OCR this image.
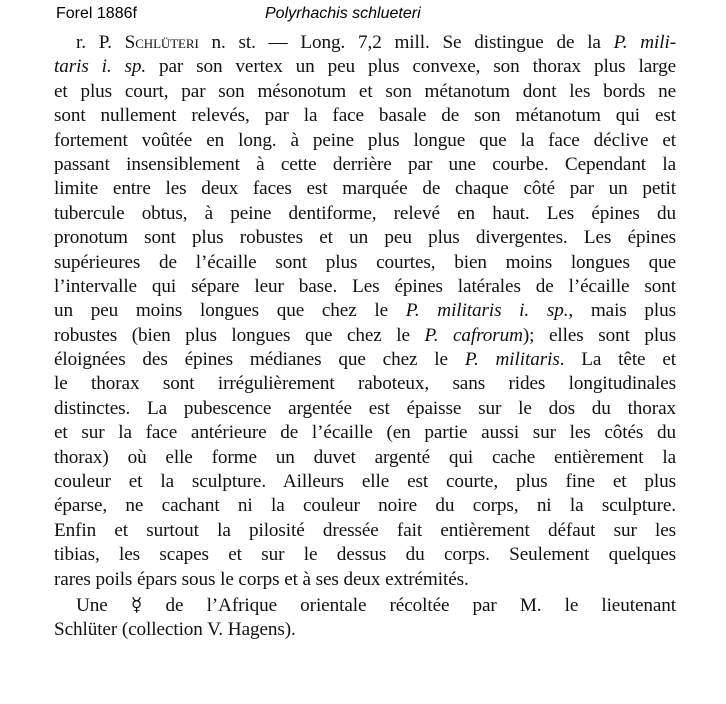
Forel 1886f	Polyrhachis schlueteri
r. P. Schlüteri n. st. — Long. 7,2 mill. Se distingue de la P. mili-
taris i. sp. par son vertex un peu plus convexe, son thorax plus large
et plus court, par son mésonotum et son métanotum dont les bords ne
sont nullement relevés, par la face basale de son métanotum qui est
fortement voûtée en long. à peine plus longue que la face déclive et
passant insensiblement à cette derrière par une courbe. Cependant la
limite entre les deux faces est marquée de chaque côté par un petit
tubercule obtus, à peine dentiforme, relevé en haut. Les épines du
pronotum sont plus robustes et un peu plus divergentes. Les épines
supérieures de l’écaille sont plus courtes, bien moins longues que
l’intervalle qui sépare leur base. Les épines latérales de l’écaille sont
un peu moins longues que chez le P. militaris i. sp., mais plus
robustes (bien plus longues que chez le P. cafrorum); elles sont plus
éloignées des épines médianes que chez le P. militaris. La tête et
le thorax sont irrégulièrement raboteux, sans rides longitudinales
distinctes. La pubescence argentée est épaisse sur le dos du thorax
et sur la face antérieure de l’écaille (en partie aussi sur les côtés du
thorax) où elle forme un duvet argenté qui cache entièrement la
couleur et la sculpture. Ailleurs elle est courte, plus fine et plus
éparse, ne cachant ni la couleur noire du corps, ni la sculpture.
Enfin et surtout la pilosité dressée fait entièrement défaut sur les
tibias, les scapes et sur le dessus du corps. Seulement quelques
rares poils épars sous le corps et à ses deux extrémités.
Une ☿ de l’Afrique orientale récoltée par M. le lieutenant
Schlüter (collection V. Hagens).
